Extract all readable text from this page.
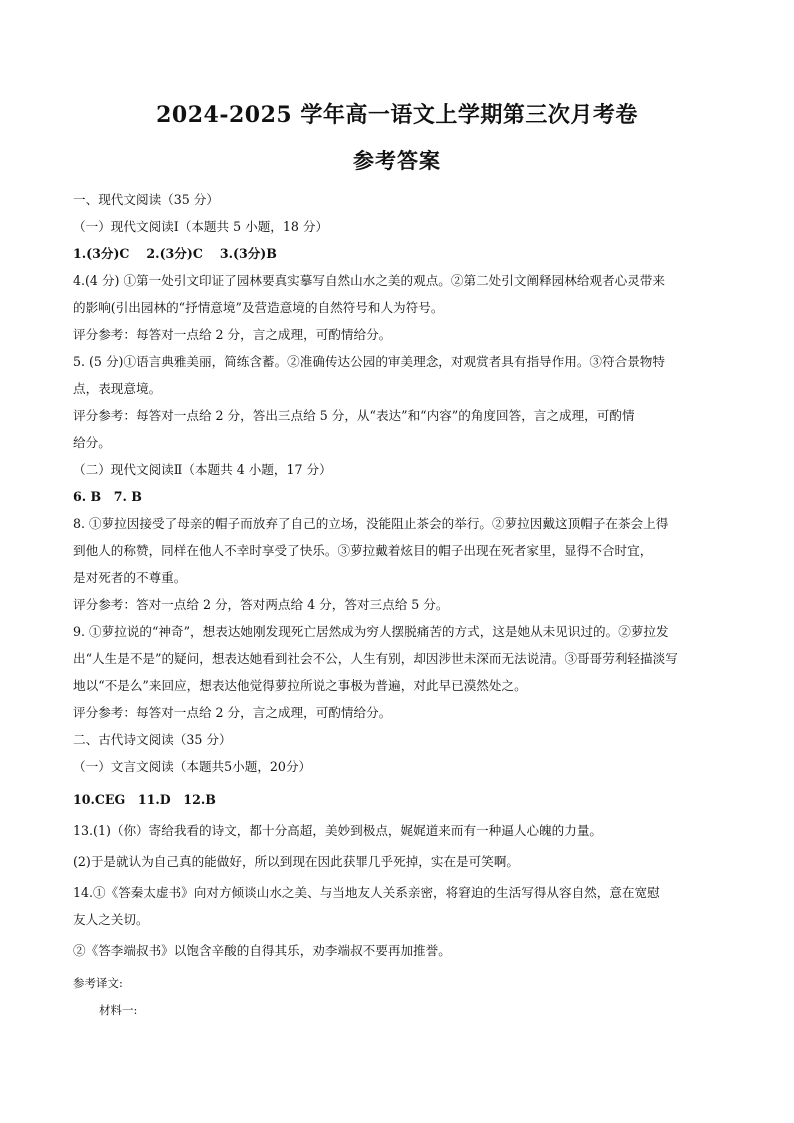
2024-2025 学年高一语文上学期第三次月考卷
参考答案
一、现代文阅读（35 分）
（一）现代文阅读Ⅰ（本题共 5 小题，18 分）
1.(3分)C　 2.(3分)C　 3.(3分)B
4.(4 分) ①第一处引文印证了园林要真实摹写自然山水之美的观点。②第二处引文阐释园林给观者心灵带来
的影响(引出园林的“抒情意境”及营造意境的自然符号和人为符号。
评分参考：每答对一点给 2 分，言之成理，可酌情给分。
5. (5 分)①语言典雅美丽，简练含蓄。②准确传达公园的审美理念，对观赏者具有指导作用。③符合景物特
点，表现意境。
评分参考：每答对一点给 2 分，答出三点给 5 分，从“表达”和“内容”的角度回答，言之成理，可酌情
给分。
（二）现代文阅读Ⅱ（本题共 4 小题，17 分）
6. B　7. B
8. ①萝拉因接受了母亲的帽子而放弃了自己的立场，没能阻止茶会的举行。②萝拉因戴这顶帽子在茶会上得
到他人的称赞，同样在他人不幸时享受了快乐。③萝拉戴着炫目的帽子出现在死者家里，显得不合时宜，
是对死者的不尊重。
评分参考：答对一点给 2 分，答对两点给 4 分，答对三点给 5 分。
9. ①萝拉说的“神奇”，想表达她刚发现死亡居然成为穷人摆脱痛苦的方式，这是她从未见识过的。②萝拉发
出“人生是不是”的疑问，想表达她看到社会不公，人生有别，却因涉世未深而无法说清。③哥哥劳利轻描淡写
地以“不是么”来回应，想表达他觉得萝拉所说之事极为普遍，对此早已漠然处之。
评分参考：每答对一点给 2 分，言之成理，可酌情给分。
二、古代诗文阅读（35 分）
（一）文言文阅读（本题共5小题，20分）
10.CEG　11.D　12.B
13.(1)（你）寄给我看的诗文，都十分高超，美妙到极点，娓娓道来而有一种逼人心魄的力量。
(2)于是就认为自己真的能做好，所以到现在因此获罪几乎死掉，实在是可笑啊。
14.①《答秦太虚书》向对方倾谈山水之美、与当地友人关系亲密，将窘迫的生活写得从容自然，意在宽慰
友人之关切。
②《答李端叔书》以饱含辛酸的自得其乐，劝李端叔不要再加推誉。
参考译文:
材料一:
